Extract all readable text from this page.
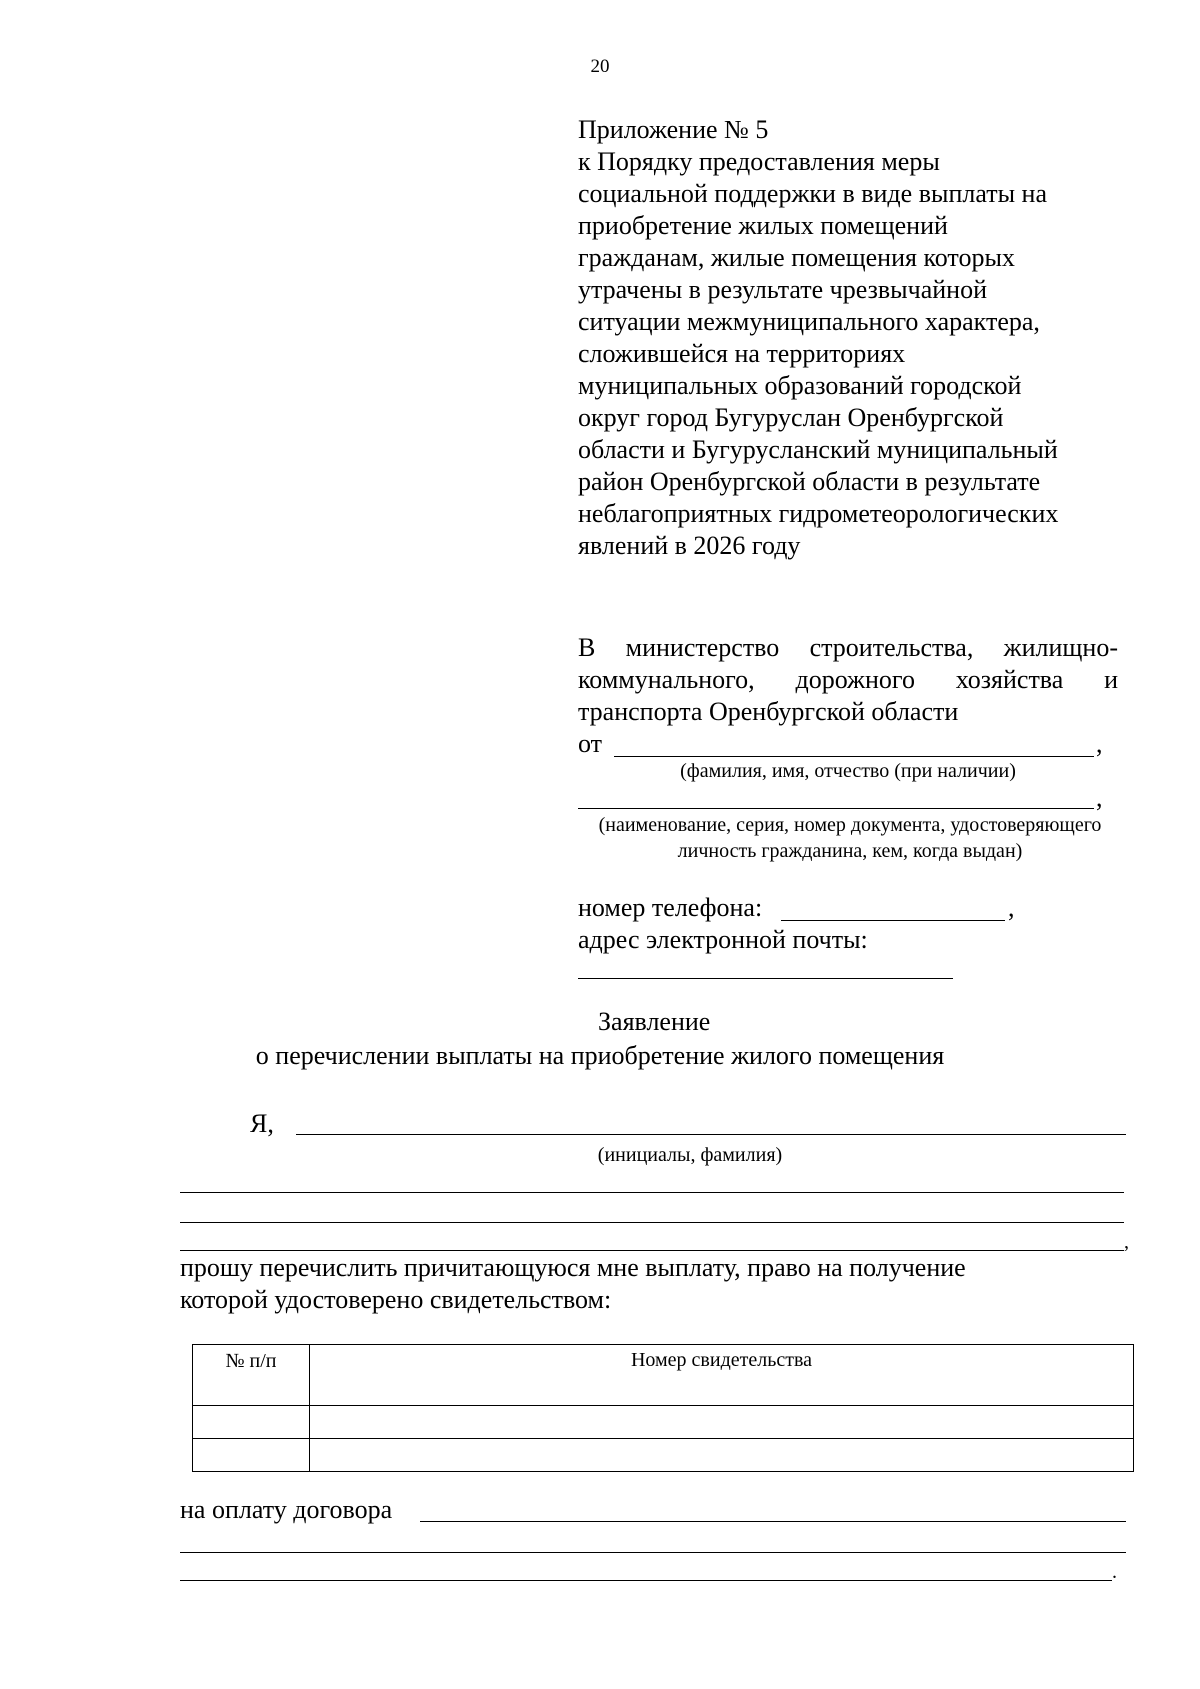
20
Приложение № 5
к Порядку предоставления меры
социальной поддержки в виде выплаты на
приобретение жилых помещений
гражданам, жилые помещения которых
утрачены в результате чрезвычайной
ситуации межмуниципального характера,
сложившейся на территориях
муниципальных образований городской
округ город Бугуруслан Оренбургской
области и Бугурусланский муниципальный
район Оренбургской области в результате
неблагоприятных гидрометеорологических
явлений в 2026 году
В министерство строительства, жилищно-
коммунального, дорожного хозяйства и
транспорта Оренбургской области
от	,
(фамилия, имя, отчество (при наличии)
,
(наименование, серия, номер документа, удостоверяющего личность гражданина, кем, когда выдан)
номер телефона:	,
адрес электронной почты:
Заявление
о перечислении выплаты на приобретение жилого помещения
Я,
(инициалы, фамилия)
,
прошу перечислить причитающуюся мне выплату, право на получение
которой удостоверено свидетельством:
№ п/п	Номер свидетельства

на оплату договора
.
